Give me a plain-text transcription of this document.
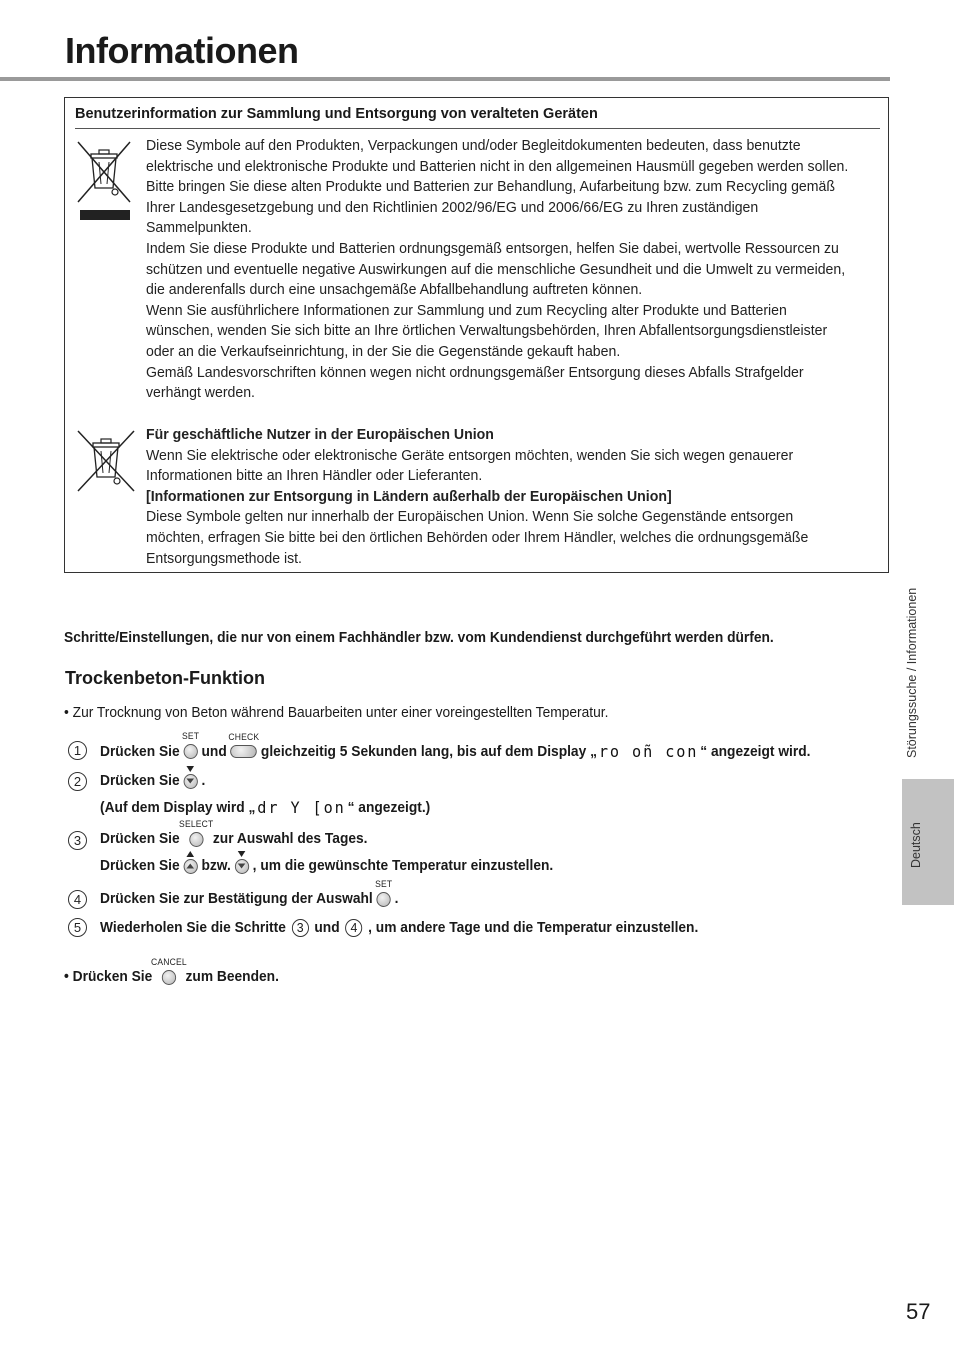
Informationen
Benutzerinformation zur Sammlung und Entsorgung von veralteten Geräten
Diese Symbole auf den Produkten, Verpackungen und/oder Begleitdokumenten bedeuten, dass benutzte elektrische und elektronische Produkte und Batterien nicht in den allgemeinen Hausmüll gegeben werden sollen.
Bitte bringen Sie diese alten Produkte und Batterien zur Behandlung, Aufarbeitung bzw. zum Recycling gemäß Ihrer Landesgesetzgebung und den Richtlinien 2002/96/EG und 2006/66/EG zu Ihren zuständigen Sammelpunkten.
Indem Sie diese Produkte und Batterien ordnungsgemäß entsorgen, helfen Sie dabei, wertvolle Ressourcen zu schützen und eventuelle negative Auswirkungen auf die menschliche Gesundheit und die Umwelt zu vermeiden, die anderenfalls durch eine unsachgemäße Abfallbehandlung auftreten können.
Wenn Sie ausführlichere Informationen zur Sammlung und zum Recycling alter Produkte und Batterien wünschen, wenden Sie sich bitte an Ihre örtlichen Verwaltungsbehörden, Ihren Abfallentsorgungsdienstleister oder an die Verkaufseinrichtung, in der Sie die Gegenstände gekauft haben.
Gemäß Landesvorschriften können wegen nicht ordnungsgemäßer Entsorgung dieses Abfalls Strafgelder verhängt werden.
Für geschäftliche Nutzer in der Europäischen Union
Wenn Sie elektrische oder elektronische Geräte entsorgen möchten, wenden Sie sich wegen genauerer Informationen bitte an Ihren Händler oder Lieferanten.
[Informationen zur Entsorgung in Ländern außerhalb der Europäischen Union]
Diese Symbole gelten nur innerhalb der Europäischen Union. Wenn Sie solche Gegenstände entsorgen möchten, erfragen Sie bitte bei den örtlichen Behörden oder Ihrem Händler, welches die ordnungsgemäße Entsorgungsmethode ist.
Störungssuche / Informationen
Deutsch
Schritte/Einstellungen, die nur von einem Fachhändler bzw. vom Kundendienst durchgeführt werden dürfen.
Trockenbeton-Funktion
• Zur Trocknung von Beton während Bauarbeiten unter einer voreingestellten Temperatur.
1	Drücken Sie
SET
und
CHECK
gleichzeitig 5 Sekunden lang, bis auf dem Display „ ro oñ con “ angezeigt wird.
2	Drücken Sie .
(Auf dem Display wird „ dr Y [on “ angezeigt.)
3	Drücken Sie
SELECT
zur Auswahl des Tages.
Drücken Sie bzw. , um die gewünschte Temperatur einzustellen.
4	Drücken Sie zur Bestätigung der Auswahl
SET
.
5	Wiederholen Sie die Schritte 3 und 4 , um andere Tage und die Temperatur einzustellen.
• Drücken Sie
CANCEL
zum Beenden.
57
